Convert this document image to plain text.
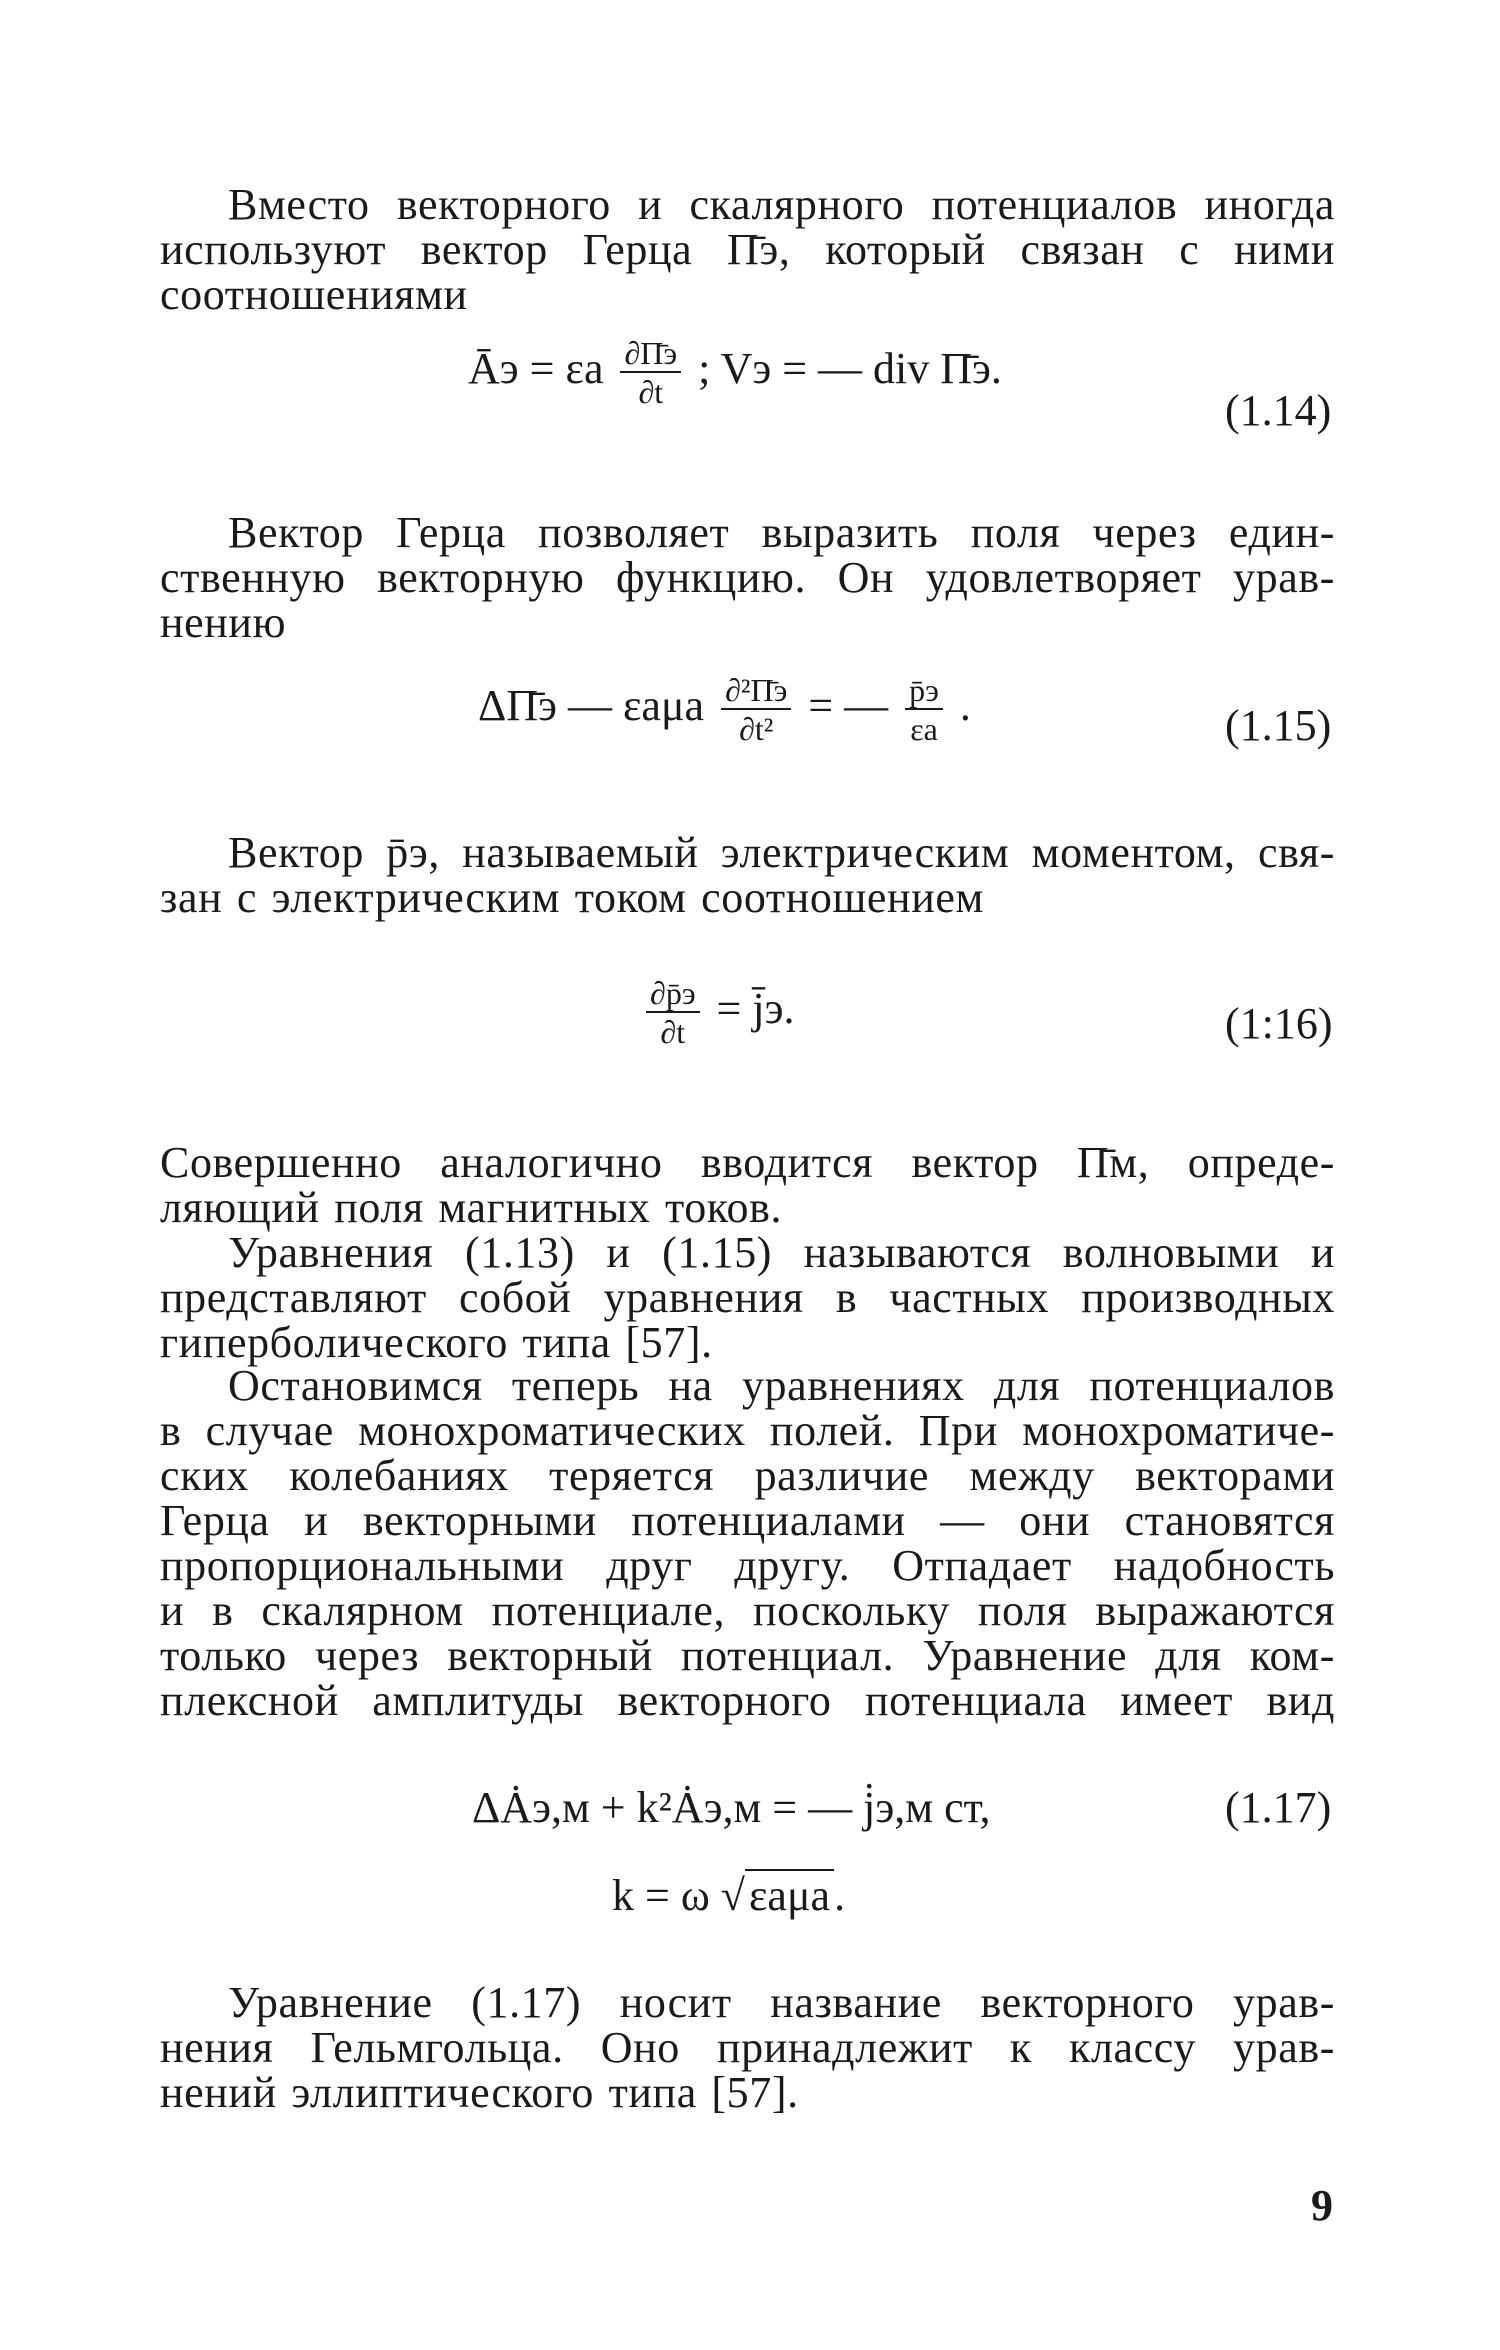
Вместо векторного и скалярного потенциалов иногда
используют вектор Герца П̄э, который связан с ними
соотношениями
Āэ = εa $\frac{\partial П̄э}{\partial t}$ ; Vэ = — div П̄э.
(1.14)
Вектор Герца позволяет выразить поля через един-
ственную векторную функцию. Он удовлетворяет урав-
нению
ΔП̄э — εaμa $\frac{\text{∂²П̄э}}{\text{∂t²}}$ = — $\frac{p̄э}{\varepsilon a}$ .	(1.15)
Вектор p̄э, называемый электрическим моментом, свя-
зан с электрическим током соотношением
$\frac{\partial p̄э}{\partial t}$ = j̄э.	(1:16)
Совершенно аналогично вводится вектор П̄м, опреде-
ляющий поля магнитных токов.
Уравнения (1.13) и (1.15) называются волновыми и
представляют собой уравнения в частных производных
гиперболического типа [57].
Остановимся теперь на уравнениях для потенциалов
в случае монохроматических полей. При монохроматиче-
ских колебаниях теряется различие между векторами
Герца и векторными потенциалами — они становятся
пропорциональными друг другу. Отпадает надобность
и в скалярном потенциале, поскольку поля выражаются
только через векторный потенциал. Уравнение для ком-
плексной амплитуды векторного потенциала имеет вид
ΔȦэ,м + k²Ȧэ,м = — j̇э,м ст,	(1.17)
k = ω √εaμa.
Уравнение (1.17) носит название векторного урав-
нения Гельмгольца. Оно принадлежит к классу урав-
нений эллиптического типа [57].
9
